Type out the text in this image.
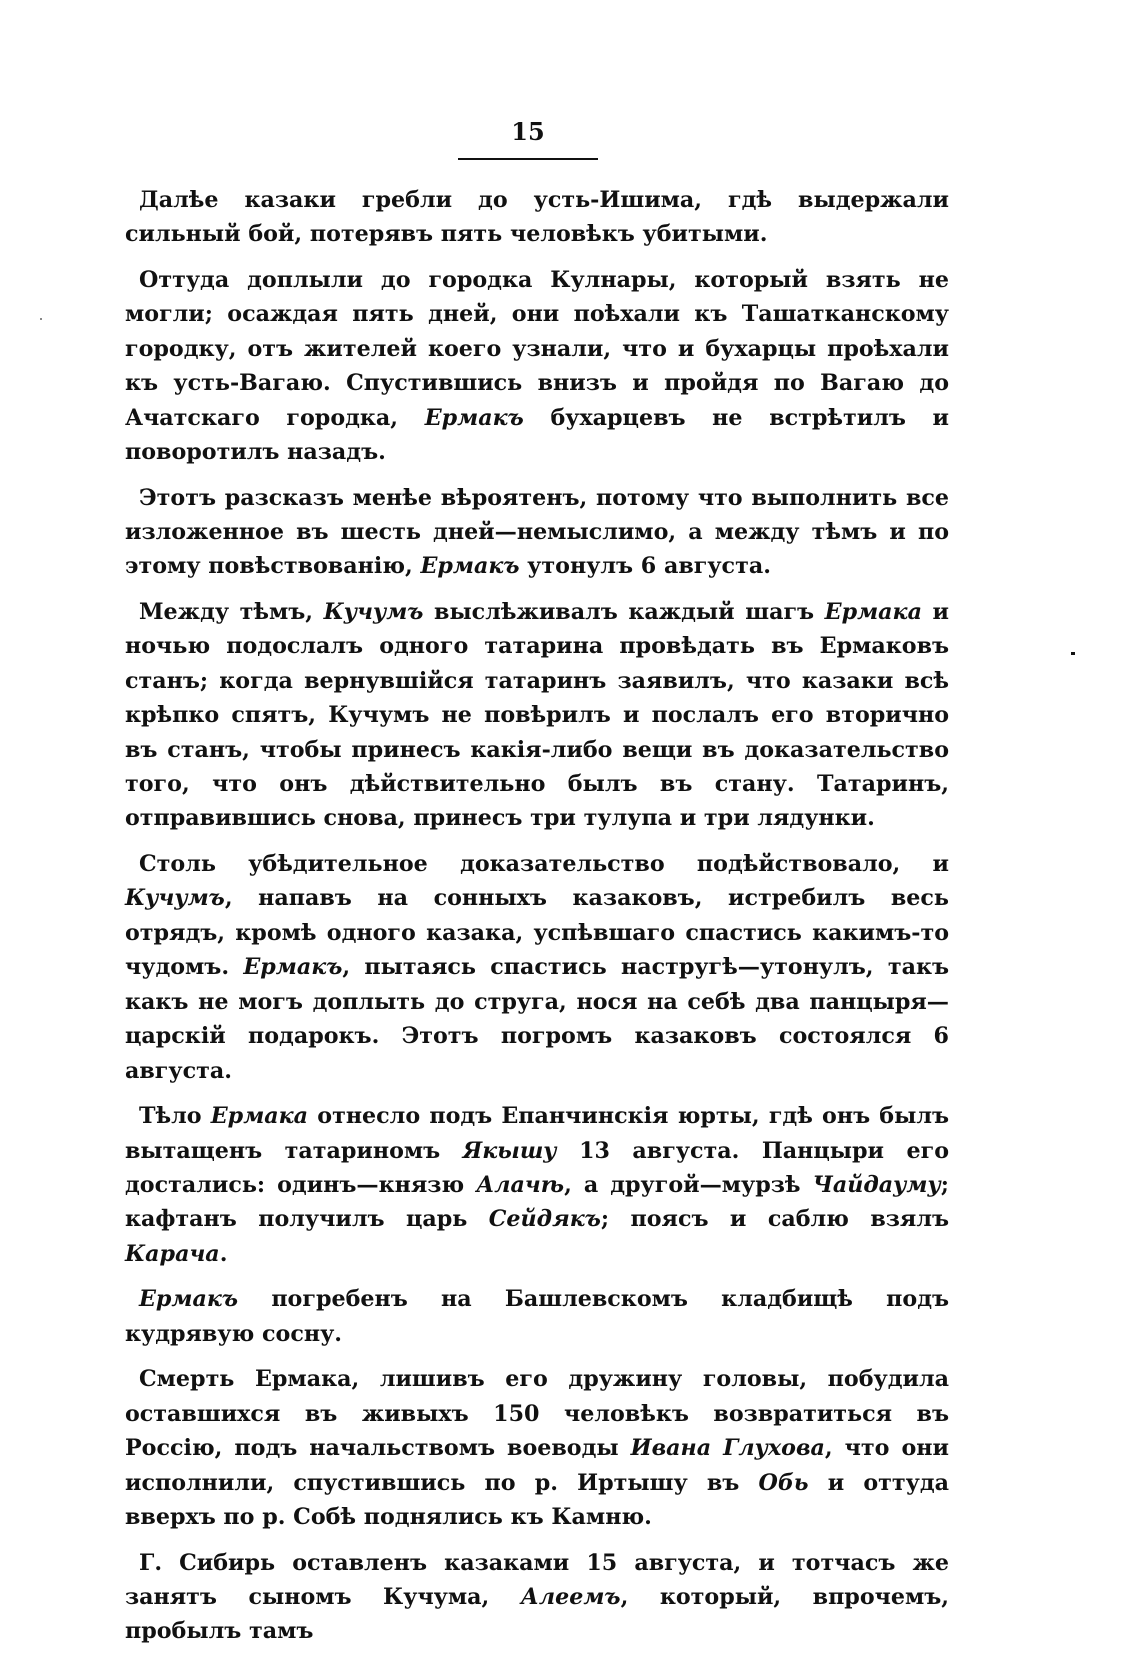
15

Далѣе казаки гребли до усть-Ишима, гдѣ выдержали сильный бой, потерявъ пять человѣкъ убитыми.

Оттуда доплыли до городка Кулнары, который взять не могли; осаждая пять дней, они поѣхали къ Ташатканскому городку, отъ жителей коего узнали, что и бухарцы проѣхали къ усть-Вагаю. Спустившись внизъ и пройдя по Вагаю до Ачатскаго городка, Ермакъ бухарцевъ не встрѣтилъ и поворотилъ назадъ.

Этотъ разсказъ менѣе вѣроятенъ, потому что выполнить все изложенное въ шесть дней—немыслимо, а между тѣмъ и по этому повѣствованію, Ермакъ утонулъ 6 августа.

Между тѣмъ, Кучумъ выслѣживалъ каждый шагъ Ермака и ночью подослалъ одного татарина провѣдать въ Ермаковъ станъ; когда вернувшійся татаринъ заявилъ, что казаки всѣ крѣпко спятъ, Кучумъ не повѣрилъ и послалъ его вторично въ станъ, чтобы принесъ какія-либо вещи въ доказательство того, что онъ дѣйствительно былъ въ стану. Татаринъ, отправившись снова, принесъ три тулупа и три лядунки.

Столь убѣдительное доказательство подѣйствовало, и Кучумъ, напавъ на сонныхъ казаковъ, истребилъ весь отрядъ, кромѣ одного казака, успѣвшаго спастись какимъ-то чудомъ. Ермакъ, пытаясь спастись настругѣ—утонулъ, такъ какъ не могъ доплыть до струга, нося на себѣ два панцыря—царскій подарокъ. Этотъ погромъ казаковъ состоялся 6 августа.

Тѣло Ермака отнесло подъ Епанчинскія юрты, гдѣ онъ былъ вытащенъ татариномъ Якышу 13 августа. Панцыри его достались: одинъ—князю Алачѣ, а другой—мурзѣ Чайдауму; кафтанъ получилъ царь Сейдякъ; поясъ и саблю взялъ Карача.

Ермакъ погребенъ на Башлевскомъ кладбищѣ подъ кудрявую сосну.

Смерть Ермака, лишивъ его дружину головы, побудила оставшихся въ живыхъ 150 человѣкъ возвратиться въ Россію, подъ начальствомъ воеводы Ивана Глухова, что они исполнили, спустившись по р. Иртышу въ Обь и оттуда вверхъ по р. Собѣ поднялись къ Камню.

Г. Сибирь оставленъ казаками 15 августа, и тотчасъ же занятъ сыномъ Кучума, Алеемъ, который, впрочемъ, пробылъ тамъ
